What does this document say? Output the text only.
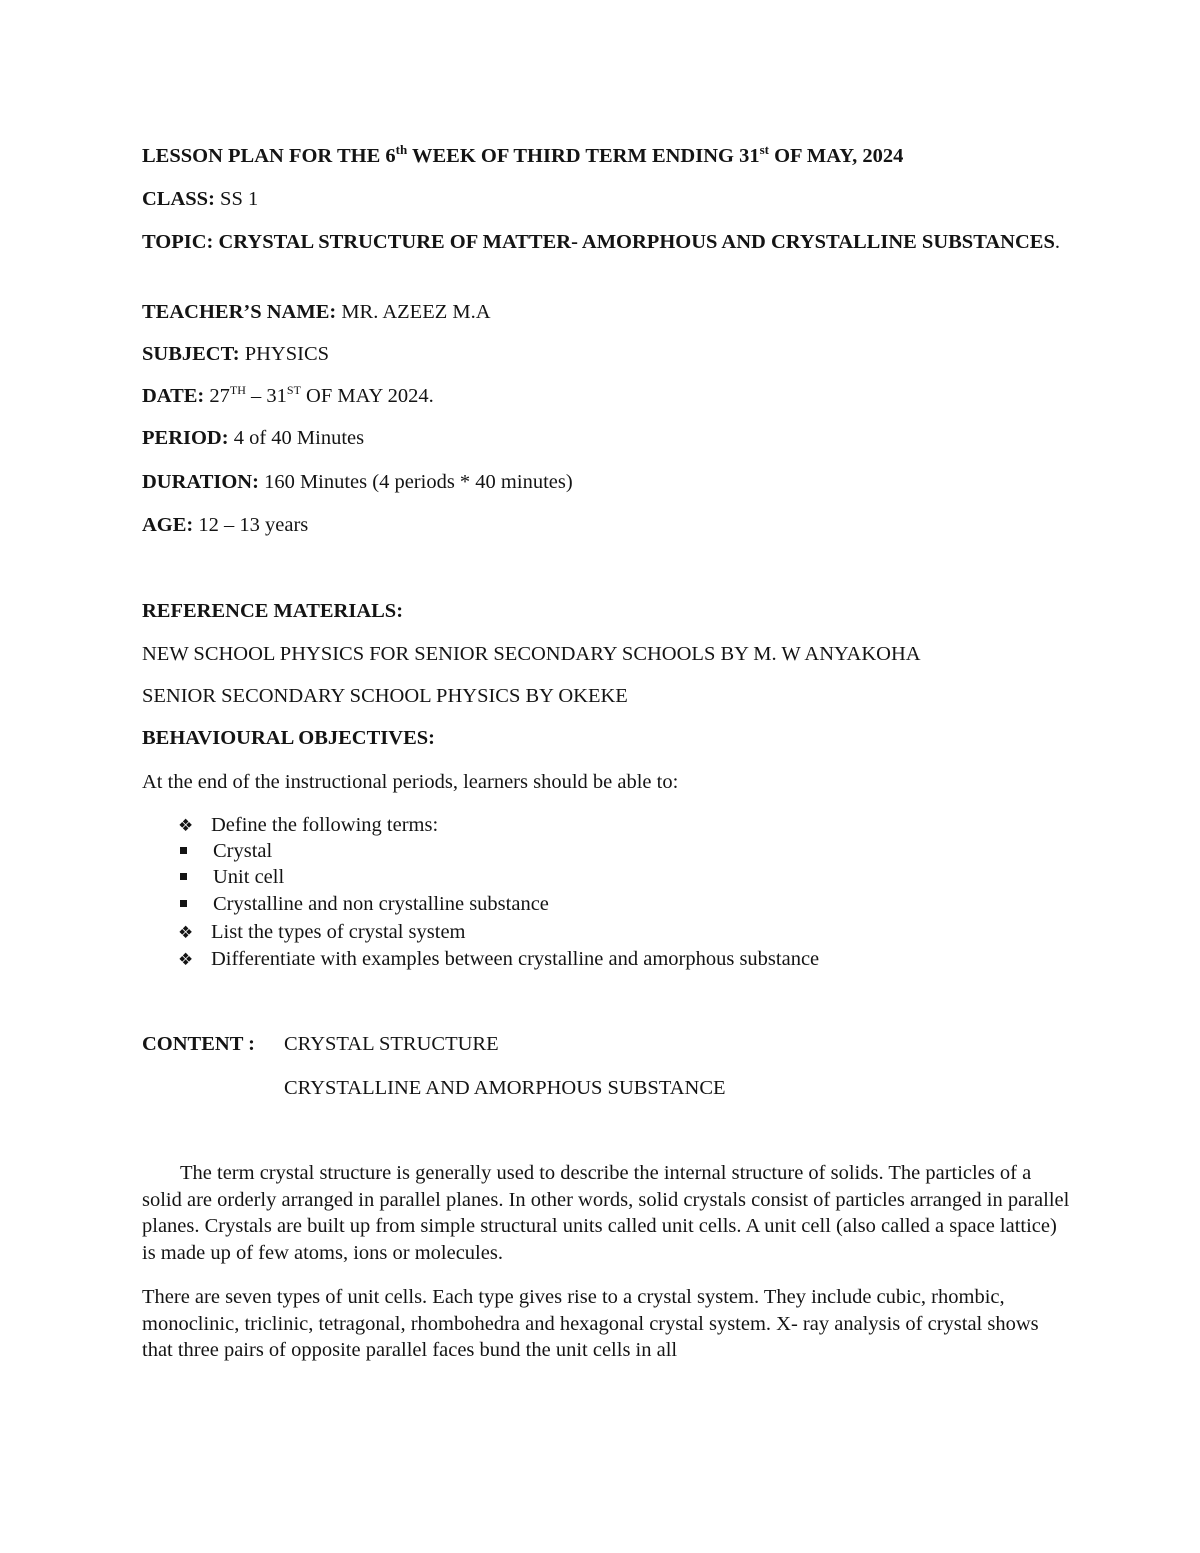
LESSON PLAN FOR THE 6th WEEK OF THIRD TERM ENDING 31st OF MAY, 2024
CLASS: SS 1
TOPIC: CRYSTAL STRUCTURE OF MATTER- AMORPHOUS AND CRYSTALLINE SUBSTANCES.
TEACHER’S NAME: MR. AZEEZ M.A
SUBJECT: PHYSICS
DATE: 27TH – 31ST OF MAY 2024.
PERIOD: 4 of 40 Minutes
DURATION: 160 Minutes (4 periods * 40 minutes)
AGE: 12 – 13 years
REFERENCE MATERIALS:
NEW SCHOOL PHYSICS FOR SENIOR SECONDARY SCHOOLS BY M. W ANYAKOHA
SENIOR SECONDARY SCHOOL PHYSICS BY OKEKE
BEHAVIOURAL OBJECTIVES:
At the end of the instructional periods, learners should be able to:
❖ Define the following terms:
Crystal
Unit cell
Crystalline and non crystalline substance
❖ List the types of crystal system
❖ Differentiate with examples between crystalline and amorphous substance
CONTENT : CRYSTAL STRUCTURE
CRYSTALLINE AND AMORPHOUS SUBSTANCE
The term crystal structure is generally used to describe the internal structure of solids. The particles of a solid are orderly arranged in parallel planes. In other words, solid crystals consist of particles arranged in parallel planes. Crystals are built up from simple structural units called unit cells. A unit cell (also called a space lattice) is made up of few atoms, ions or molecules.
There are seven types of unit cells. Each type gives rise to a crystal system. They include cubic, rhombic, monoclinic, triclinic, tetragonal, rhombohedra and hexagonal crystal system. X- ray analysis of crystal shows that three pairs of opposite parallel faces bund the unit cells in all
